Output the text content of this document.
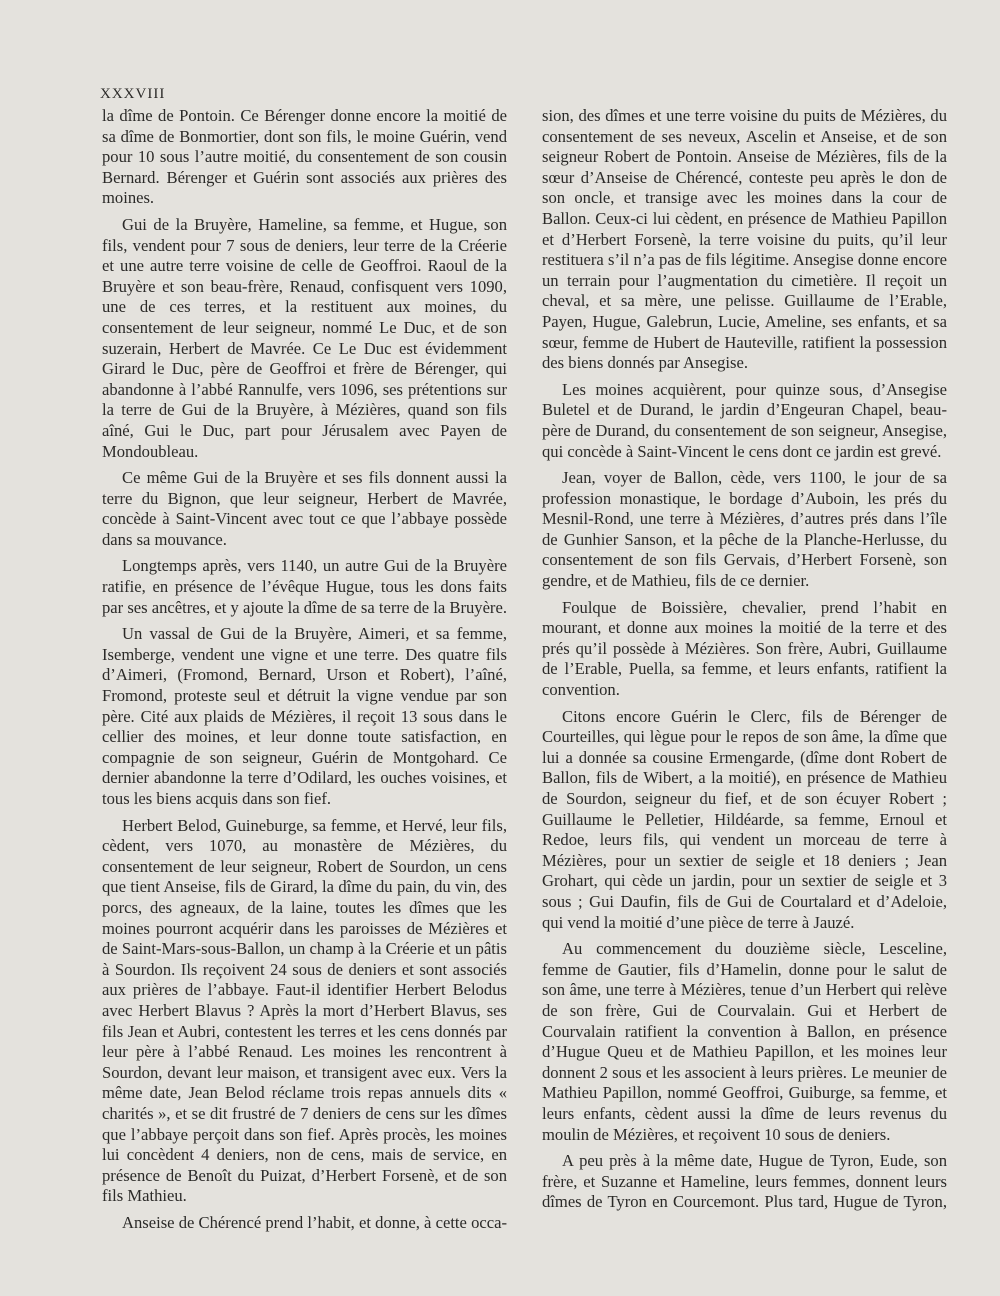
XXXVIII

la dîme de Pontoin. Ce Bérenger donne encore la moitié de sa dîme de Bonmortier, dont son fils, le moine Guérin, vend pour 10 sous l’autre moitié, du consentement de son cousin Bernard. Bérenger et Guérin sont associés aux prières des moines.

Gui de la Bruyère, Hameline, sa femme, et Hugue, son fils, vendent pour 7 sous de deniers, leur terre de la Créerie et une autre terre voisine de celle de Geoffroi. Raoul de la Bruyère et son beau-frère, Renaud, confisquent vers 1090, une de ces terres, et la restituent aux moines, du consentement de leur seigneur, nommé Le Duc, et de son suzerain, Herbert de Mavrée. Ce Le Duc est évidemment Girard le Duc, père de Geoffroi et frère de Bérenger, qui abandonne à l’abbé Rannulfe, vers 1096, ses prétentions sur la terre de Gui de la Bruyère, à Mézières, quand son fils aîné, Gui le Duc, part pour Jérusalem avec Payen de Mondoubleau.

Ce même Gui de la Bruyère et ses fils donnent aussi la terre du Bignon, que leur seigneur, Herbert de Mavrée, concède à Saint-Vincent avec tout ce que l’abbaye possède dans sa mouvance.

Longtemps après, vers 1140, un autre Gui de la Bruyère ratifie, en présence de l’évêque Hugue, tous les dons faits par ses ancêtres, et y ajoute la dîme de sa terre de la Bruyère.

Un vassal de Gui de la Bruyère, Aimeri, et sa femme, Isemberge, vendent une vigne et une terre. Des quatre fils d’Aimeri, (Fromond, Bernard, Urson et Robert), l’aîné, Fromond, proteste seul et détruit la vigne vendue par son père. Cité aux plaids de Mézières, il reçoit 13 sous dans le cellier des moines, et leur donne toute satisfaction, en compagnie de son seigneur, Guérin de Montgohard. Ce dernier abandonne la terre d’Odilard, les ouches voisines, et tous les biens acquis dans son fief.

Herbert Belod, Guineburge, sa femme, et Hervé, leur fils, cèdent, vers 1070, au monastère de Mézières, du consentement de leur seigneur, Robert de Sourdon, un cens que tient Anseise, fils de Girard, la dîme du pain, du vin, des porcs, des agneaux, de la laine, toutes les dîmes que les moines pourront acquérir dans les paroisses de Mézières et de Saint-Mars-sous-Ballon, un champ à la Créerie et un pâtis à Sourdon. Ils reçoivent 24 sous de deniers et sont associés aux prières de l’abbaye. Faut-il identifier Herbert Belodus avec Herbert Blavus ? Après la mort d’Herbert Blavus, ses fils Jean et Aubri, contestent les terres et les cens donnés par leur père à l’abbé Renaud. Les moines les rencontrent à Sourdon, devant leur maison, et transigent avec eux. Vers la même date, Jean Belod réclame trois repas annuels dits « charités », et se dit frustré de 7 deniers de cens sur les dîmes que l’abbaye perçoit dans son fief. Après procès, les moines lui concèdent 4 deniers, non de cens, mais de service, en présence de Benoît du Puizat, d’Herbert Forsenè, et de son fils Mathieu.

Anseise de Chérencé prend l’habit, et donne, à cette occa-

sion, des dîmes et une terre voisine du puits de Mézières, du consentement de ses neveux, Ascelin et Anseise, et de son seigneur Robert de Pontoin. Anseise de Mézières, fils de la sœur d’Anseise de Chérencé, conteste peu après le don de son oncle, et transige avec les moines dans la cour de Ballon. Ceux-ci lui cèdent, en présence de Mathieu Papillon et d’Herbert Forsenè, la terre voisine du puits, qu’il leur restituera s’il n’a pas de fils légitime. Ansegise donne encore un terrain pour l’augmentation du cimetière. Il reçoit un cheval, et sa mère, une pelisse. Guillaume de l’Erable, Payen, Hugue, Galebrun, Lucie, Ameline, ses enfants, et sa sœur, femme de Hubert de Hauteville, ratifient la possession des biens donnés par Ansegise.

Les moines acquièrent, pour quinze sous, d’Ansegise Buletel et de Durand, le jardin d’Engeuran Chapel, beau-père de Durand, du consentement de son seigneur, Ansegise, qui concède à Saint-Vincent le cens dont ce jardin est grevé.

Jean, voyer de Ballon, cède, vers 1100, le jour de sa profession monastique, le bordage d’Auboin, les prés du Mesnil-Rond, une terre à Mézières, d’autres prés dans l’île de Gunhier Sanson, et la pêche de la Planche-Herlusse, du consentement de son fils Gervais, d’Herbert Forsenè, son gendre, et de Mathieu, fils de ce dernier.

Foulque de Boissière, chevalier, prend l’habit en mourant, et donne aux moines la moitié de la terre et des prés qu’il possède à Mézières. Son frère, Aubri, Guillaume de l’Erable, Puella, sa femme, et leurs enfants, ratifient la convention.

Citons encore Guérin le Clerc, fils de Bérenger de Courteilles, qui lègue pour le repos de son âme, la dîme que lui a donnée sa cousine Ermengarde, (dîme dont Robert de Ballon, fils de Wibert, a la moitié), en présence de Mathieu de Sourdon, seigneur du fief, et de son écuyer Robert ; Guillaume le Pelletier, Hildéarde, sa femme, Ernoul et Redoe, leurs fils, qui vendent un morceau de terre à Mézières, pour un sextier de seigle et 18 deniers ; Jean Grohart, qui cède un jardin, pour un sextier de seigle et 3 sous ; Gui Daufin, fils de Gui de Courtalard et d’Adeloie, qui vend la moitié d’une pièce de terre à Jauzé.

Au commencement du douzième siècle, Lesceline, femme de Gautier, fils d’Hamelin, donne pour le salut de son âme, une terre à Mézières, tenue d’un Herbert qui relève de son frère, Gui de Courvalain. Gui et Herbert de Courvalain ratifient la convention à Ballon, en présence d’Hugue Queu et de Mathieu Papillon, et les moines leur donnent 2 sous et les associent à leurs prières. Le meunier de Mathieu Papillon, nommé Geoffroi, Guiburge, sa femme, et leurs enfants, cèdent aussi la dîme de leurs revenus du moulin de Mézières, et reçoivent 10 sous de deniers.

A peu près à la même date, Hugue de Tyron, Eude, son frère, et Suzanne et Hameline, leurs femmes, donnent leurs dîmes de Tyron en Courcemont. Plus tard, Hugue de Tyron,
